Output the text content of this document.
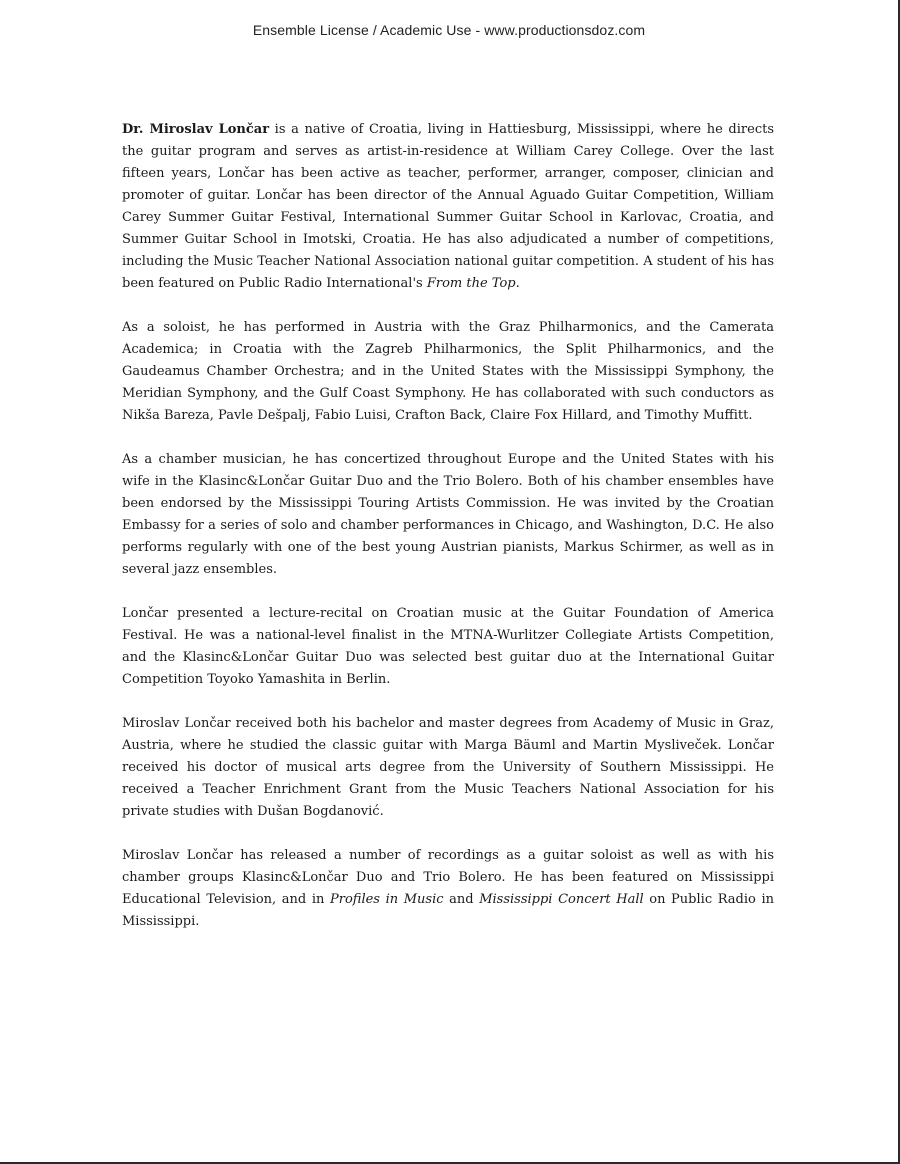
Ensemble License / Academic Use - www.productionsdoz.com

Dr. Miroslav Lončar is a native of Croatia, living in Hattiesburg, Mississippi, where he directs the guitar program and serves as artist-in-residence at William Carey College. Over the last fifteen years, Lončar has been active as teacher, performer, arranger, composer, clinician and promoter of guitar. Lončar has been director of the Annual Aguado Guitar Competition, William Carey Summer Guitar Festival, International Summer Guitar School in Karlovac, Croatia, and Summer Guitar School in Imotski, Croatia. He has also adjudicated a number of competitions, including the Music Teacher National Association national guitar competition. A student of his has been featured on Public Radio International's From the Top.

As a soloist, he has performed in Austria with the Graz Philharmonics, and the Camerata Academica; in Croatia with the Zagreb Philharmonics, the Split Philharmonics, and the Gaudeamus Chamber Orchestra; and in the United States with the Mississippi Symphony, the Meridian Symphony, and the Gulf Coast Symphony. He has collaborated with such conductors as Nikša Bareza, Pavle Dešpalj, Fabio Luisi, Crafton Back, Claire Fox Hillard, and Timothy Muffitt.

As a chamber musician, he has concertized throughout Europe and the United States with his wife in the Klasinc&Lončar Guitar Duo and the Trio Bolero. Both of his chamber ensembles have been endorsed by the Mississippi Touring Artists Commission. He was invited by the Croatian Embassy for a series of solo and chamber performances in Chicago, and Washington, D.C. He also performs regularly with one of the best young Austrian pianists, Markus Schirmer, as well as in several jazz ensembles.

Lončar presented a lecture-recital on Croatian music at the Guitar Foundation of America Festival. He was a national-level finalist in the MTNA-Wurlitzer Collegiate Artists Competition, and the Klasinc&Lončar Guitar Duo was selected best guitar duo at the International Guitar Competition Toyoko Yamashita in Berlin.

Miroslav Lončar received both his bachelor and master degrees from Academy of Music in Graz, Austria, where he studied the classic guitar with Marga Bäuml and Martin Mysliveček. Lončar received his doctor of musical arts degree from the University of Southern Mississippi. He received a Teacher Enrichment Grant from the Music Teachers National Association for his private studies with Dušan Bogdanović.

Miroslav Lončar has released a number of recordings as a guitar soloist as well as with his chamber groups Klasinc&Lončar Duo and Trio Bolero. He has been featured on Mississippi Educational Television, and in Profiles in Music and Mississippi Concert Hall on Public Radio in Mississippi.
